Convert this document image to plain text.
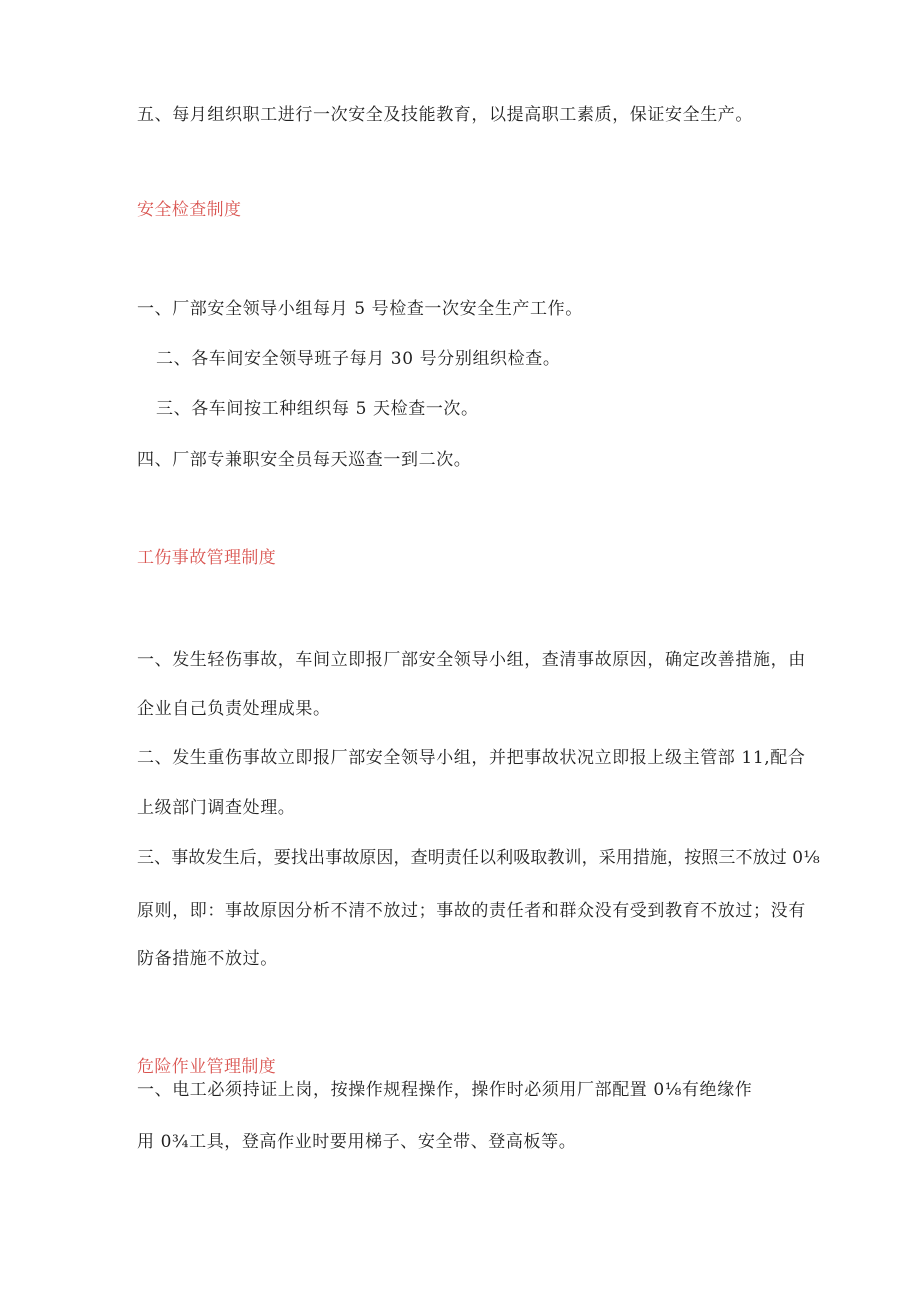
五、每月组织职工进行一次安全及技能教育，以提高职工素质，保证安全生产。
安全检查制度
一、厂部安全领导小组每月 5 号检查一次安全生产工作。
二、各车间安全领导班子每月 30 号分别组织检查。
三、各车间按工种组织每 5 天检查一次。
四、厂部专兼职安全员每天巡查一到二次。
工伤事故管理制度
一、发生轻伤事故，车间立即报厂部安全领导小组，查清事故原因，确定改善措施，由
企业自己负责处理成果。
二、发生重伤事故立即报厂部安全领导小组，并把事故状况立即报上级主管部 11,配合
上级部门调查处理。
三、事故发生后，要找出事故原因，查明责任以利吸取教训，采用措施，按照三不放过 0⅛
原则，即：事故原因分析不清不放过；事故的责任者和群众没有受到教育不放过；没有
防备措施不放过。
危险作业管理制度
一、电工必须持证上岗，按操作规程操作，操作时必须用厂部配置 0⅛有绝缘作
用 0¾工具，登高作业时要用梯子、安全带、登高板等。
